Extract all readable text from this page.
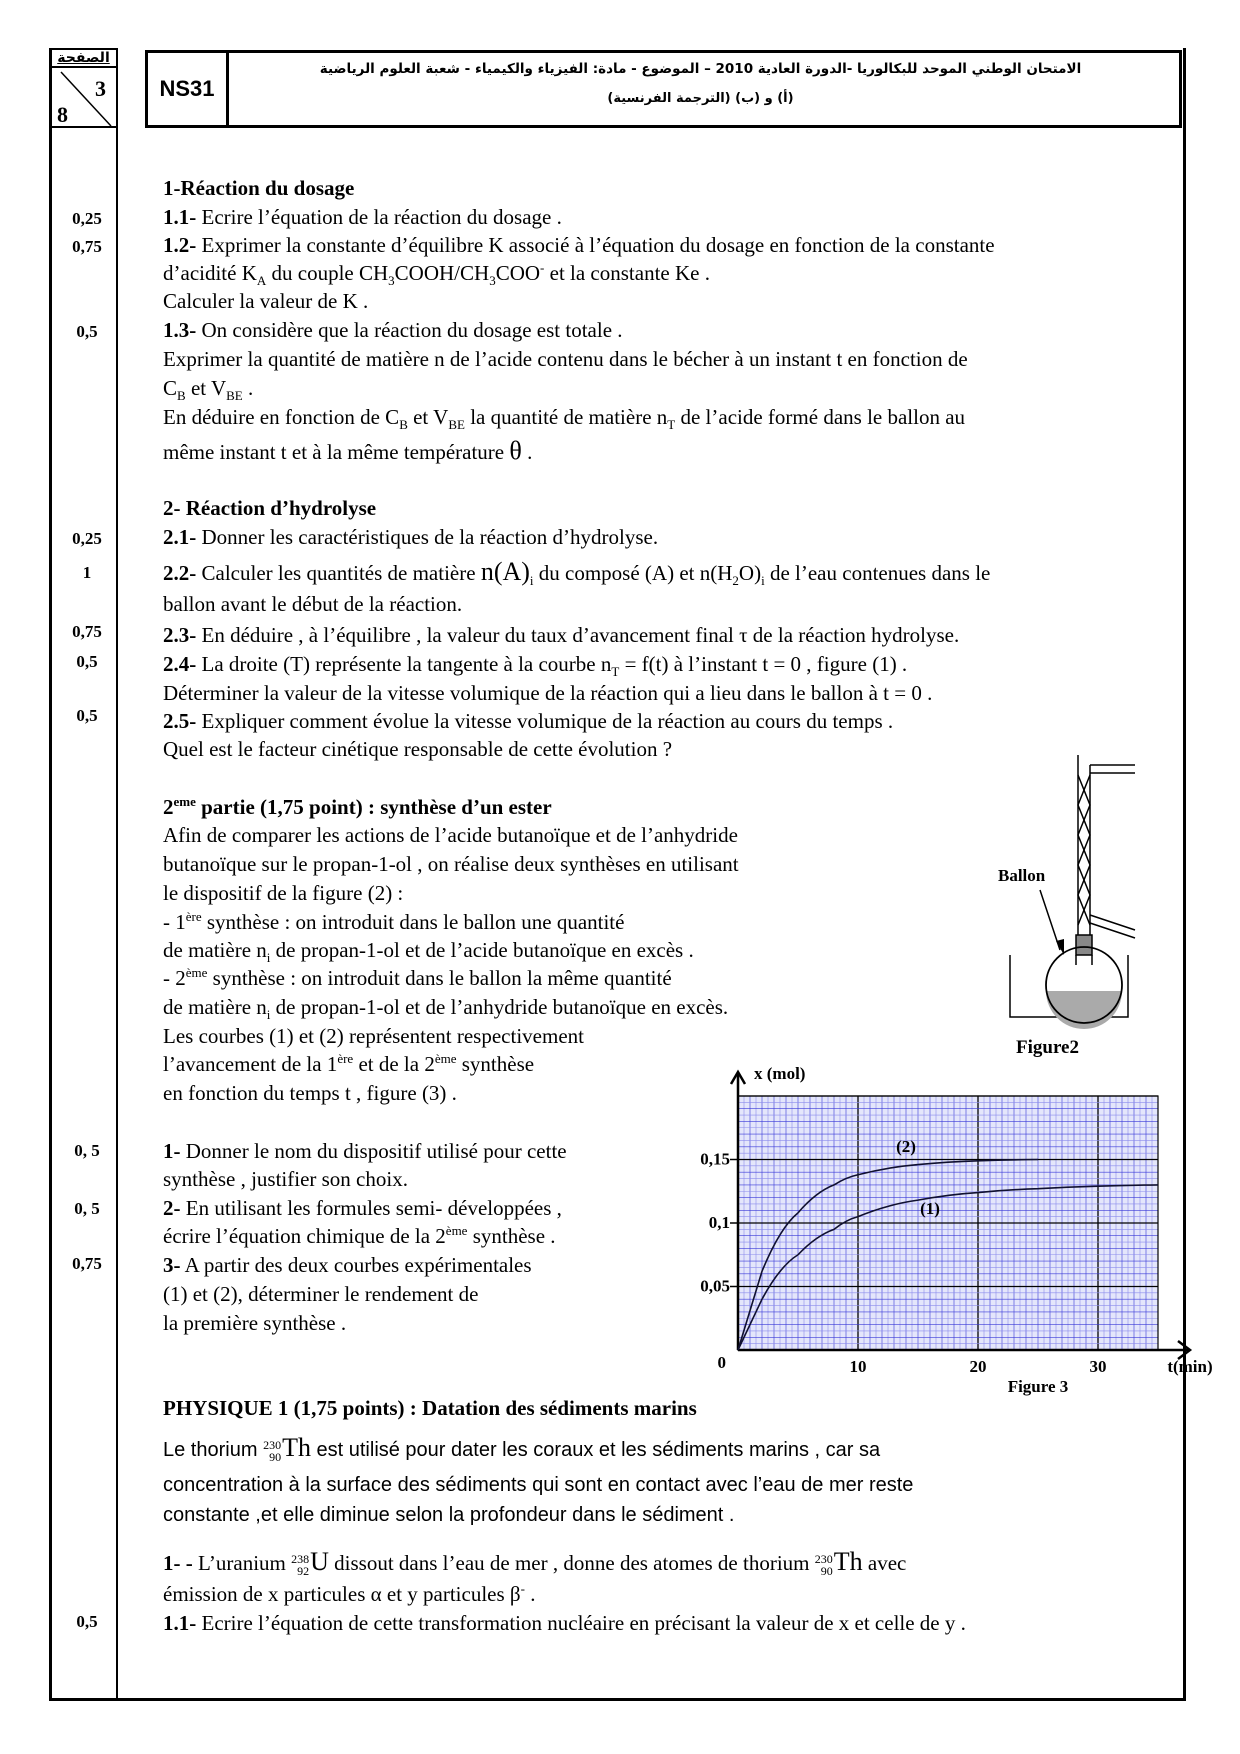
الصفحة
3
8
NS31
الامتحان الوطني الموحد للبكالوريا -الدورة العادية 2010 – الموضوع - مادة: الفيزياء والكيمياء - شعبة العلوم الرياضية
(أ) و (ب) (الترجمة الفرنسية)
1-Réaction du dosage
1.1- Ecrire l’équation de la réaction du dosage .
1.2- Exprimer la constante d’équilibre K associé à l’équation du dosage en fonction de la constante
d’acidité $K_A$ du couple $CH_3COOH/CH_3COO^-$ et la constante Ke .
Calculer la valeur de K .
1.3- On considère que la réaction du dosage est totale .
Exprimer la quantité de matière n de l’acide contenu dans le bécher à un instant t en fonction de
$C_B$ et $V_{BE}$ .
En déduire en fonction de $C_B$ et $V_{BE}$ la quantité de matière $n_T$ de l’acide formé dans le ballon au
même instant t et à la même température θ .
2- Réaction d’hydrolyse
2.1- Donner les caractéristiques de la réaction d’hydrolyse.
2.2- Calculer les quantités de matière $n(A)_i$ du composé (A) et $n(H_2O)_i$ de l’eau contenues dans le
ballon avant le début de la réaction.
2.3- En déduire , à l’équilibre , la valeur du taux d’avancement final τ de la réaction hydrolyse.
2.4- La droite (T) représente la tangente à la courbe $n_T = f(t)$ à l’instant t = 0 , figure (1) .
Déterminer la valeur de la vitesse volumique de la réaction qui a lieu dans le ballon à t = 0 .
2.5- Expliquer comment évolue la vitesse volumique de la réaction au cours du temps .
Quel est le facteur cinétique responsable de cette évolution ?
2eme partie (1,75 point) : synthèse d’un ester
Afin de comparer les actions de l’acide butanoïque et de l’anhydride
butanoïque sur le propan-1-ol , on réalise deux synthèses en utilisant
le dispositif de la figure (2) :
- 1ère synthèse : on introduit dans le ballon une quantité
de matière $n_i$ de propan-1-ol et de l’acide butanoïque en excès .
- 2ème synthèse : on introduit dans le ballon la même quantité
de matière $n_i$ de propan-1-ol et de l’anhydride butanoïque en excès.
Les courbes (1) et (2) représentent respectivement
l’avancement de la 1ère et de la 2ème synthèse
en fonction du temps t , figure (3) .
1- Donner le nom du dispositif utilisé pour cette
synthèse , justifier son choix.
2- En utilisant les formules semi- développées ,
écrire l’équation chimique de la 2ème synthèse .
3- A partir des deux courbes expérimentales
(1) et (2), déterminer le rendement de
la première synthèse .
PHYSIQUE 1 (1,75 points) : Datation des sédiments marins
Le thorium 230
90 Th est utilisé pour dater les coraux et les sédiments marins , car sa
concentration à la surface des sédiments qui sont en contact avec l’eau de mer reste
constante ,et elle diminue selon la profondeur dans le sédiment .
1- - L’uranium 238
92 U dissout dans l’eau de mer , donne des atomes de thorium 230
90 Th avec
émission de x particules α et y particules β- .
1.1- Ecrire l’équation de cette transformation nucléaire en précisant la valeur de x et celle de y .
0,25
0,75
0,5
0,25
1
0,75
0,5
0,5
0, 5
0, 5
0,75
0,5
Ballon
Figure2
10	20	30
0,05
0,1
0,15
0	t(min)
x (mol)
Figure 3
(1)
(2)
